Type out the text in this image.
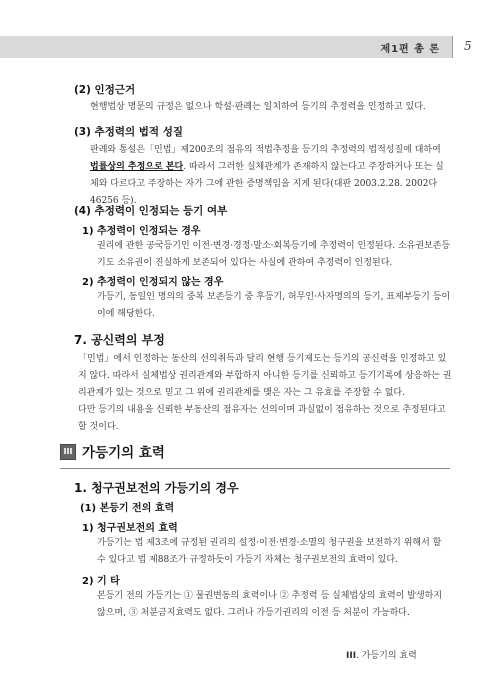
제1편 총 론 5
(2) 인정근거
현행법상 명문의 규정은 없으나 학설·판례는 일치하여 등기의 추정력을 인정하고 있다.
(3) 추정력의 법적 성질
판례와 통설은「민법」제200조의 점유의 적법추정을 등기의 추정력의 법적성질에 대하여 법률상의 추정으로 본다. 따라서 그러한 실체관계가 존재하지 않는다고 주장하거나 또는 실체와 다르다고 주장하는 자가 그에 관한 증명책임을 지게 된다(대판 2003.2.28. 2002다46256 등).
(4) 추정력이 인정되는 등기 여부
1) 추정력이 인정되는 경우
권리에 관한 공국등기인 이전·변경·경정·말소·회복등기에 추정력이 인정된다. 소유권보존등기도 소유권이 진실하게 보존되어 있다는 사실에 관하여 추정력이 인정된다.
2) 추정력이 인정되지 않는 경우
가등기, 동일인 명의의 중복 보존등기 중 후등기, 허무인·사자명의의 등기, 표제부등기 등이 이에 해당한다.
7. 공신력의 부정
「민법」에서 인정하는 동산의 선의취득과 달리 현행 등기제도는 등기의 공신력을 인정하고 있지 않다. 따라서 실체법상 권리관계와 부합하지 아니한 등기를 신뢰하고 등기기록에 상응하는 권리관계가 있는 것으로 믿고 그 위에 권리관계를 맺은 자는 그 유효를 주장할 수 없다.
다만 등기의 내용을 신뢰한 부동산의 점유자는 선의이며 과실없이 점유하는 것으로 추정된다고 할 것이다.
III 가등기의 효력
1. 청구권보전의 가등기의 경우
(1) 본등기 전의 효력
1) 청구권보전의 효력
가등기는 법 제3조에 규정된 권리의 설정·이전·변경·소멸의 청구권을 보전하기 위해서 할 수 있다고 법 제88조가 규정하듯이 가등기 자체는 청구권보전의 효력이 있다.
2) 기 타
본등기 전의 가등기는 ① 물권변동의 효력이나 ② 추정력 등 실체법상의 효력이 발생하지 않으며, ③ 처분금지효력도 없다. 그러나 가등기권리의 이전 등 처분이 가능하다.
III. 가등기의 효력
